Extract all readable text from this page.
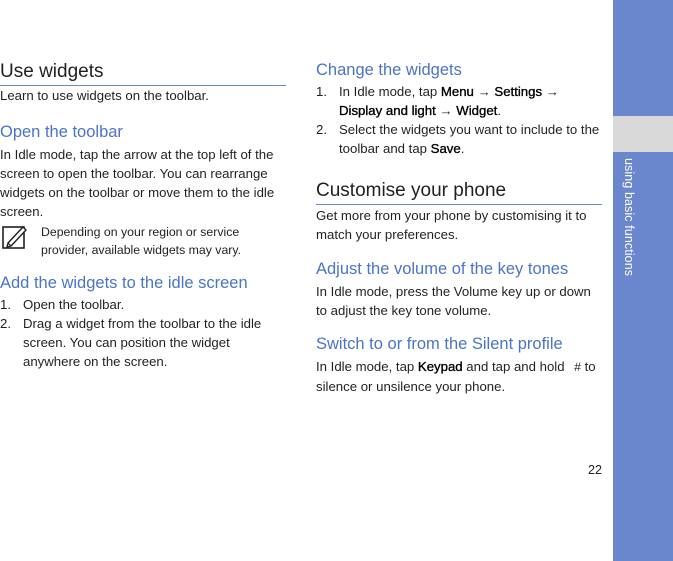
using basic functions
Use widgets
Learn to use widgets on the toolbar.
Open the toolbar
In Idle mode, tap the arrow at the top left of the screen to open the toolbar. You can rearrange widgets on the toolbar or move them to the idle screen.
Depending on your region or service provider, available widgets may vary.
Add the widgets to the idle screen
1. Open the toolbar.
2. Drag a widget from the toolbar to the idle screen. You can position the widget anywhere on the screen.
Change the widgets
1. In Idle mode, tap Menu → Settings → Display and light → Widget.
2. Select the widgets you want to include to the toolbar and tap Save.
Customise your phone
Get more from your phone by customising it to match your preferences.
Adjust the volume of the key tones
In Idle mode, press the Volume key up or down to adjust the key tone volume.
Switch to or from the Silent profile
In Idle mode, tap Keypad and tap and hold # to silence or unsilence your phone.
22
